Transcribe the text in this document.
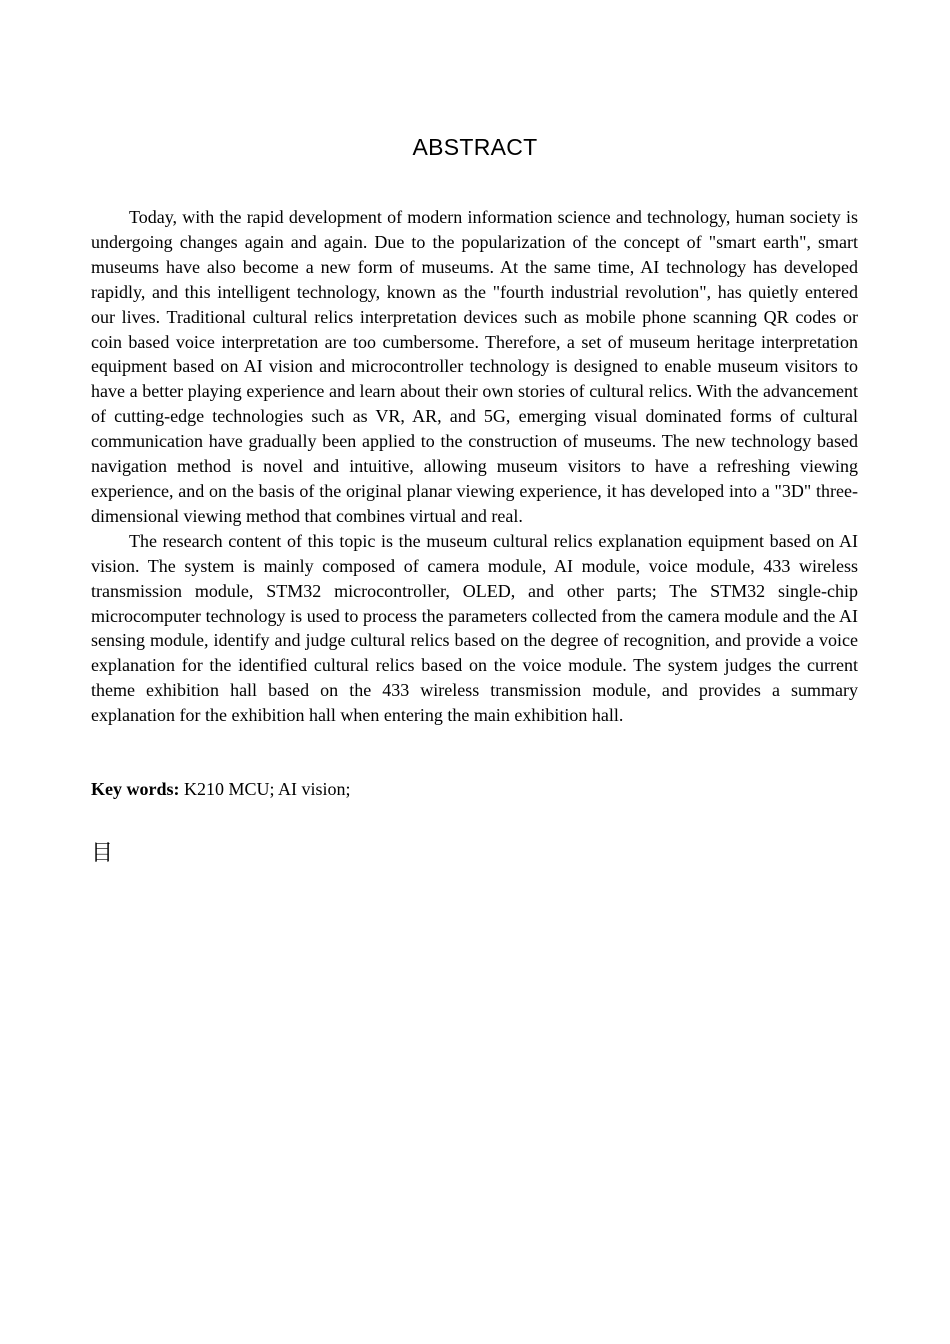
ABSTRACT

Today, with the rapid development of modern information science and technology, human society is undergoing changes again and again. Due to the popularization of the concept of "smart earth", smart museums have also become a new form of museums. At the same time, AI technology has developed rapidly, and this intelligent technology, known as the "fourth industrial revolution", has quietly entered our lives. Traditional cultural relics interpretation devices such as mobile phone scanning QR codes or coin based voice interpretation are too cumbersome. Therefore, a set of museum heritage interpretation equipment based on AI vision and microcontroller technology is designed to enable museum visitors to have a better playing experience and learn about their own stories of cultural relics. With the advancement of cutting-edge technologies such as VR, AR, and 5G, emerging visual dominated forms of cultural communication have gradually been applied to the construction of museums. The new technology based navigation method is novel and intuitive, allowing museum visitors to have a refreshing viewing experience, and on the basis of the original planar viewing experience, it has developed into a "3D" three-dimensional viewing method that combines virtual and real.

The research content of this topic is the museum cultural relics explanation equipment based on AI vision. The system is mainly composed of camera module, AI module, voice module, 433 wireless transmission module, STM32 microcontroller, OLED, and other parts; The STM32 single-chip microcomputer technology is used to process the parameters collected from the camera module and the AI sensing module, identify and judge cultural relics based on the degree of recognition, and provide a voice explanation for the identified cultural relics based on the voice module. The system judges the current theme exhibition hall based on the 433 wireless transmission module, and provides a summary explanation for the exhibition hall when entering the main exhibition hall.

Key words: K210 MCU; AI vision;
目
